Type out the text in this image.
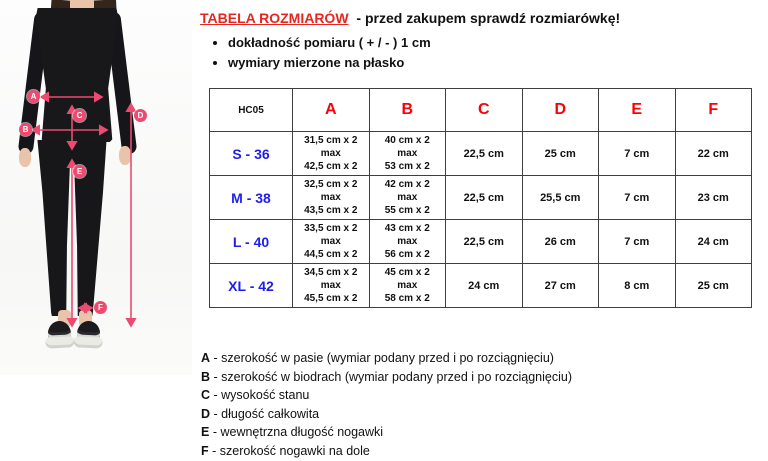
A
B
C	D
E
F
TABELA ROZMIARÓW - przed zakupem sprawdź rozmiarówkę!
• dokładność pomiaru ( + / - ) 1 cm
• wymiary mierzone na płasko
HC05	A	B	C	D	E	F
S - 36	31,5 cm x 2
max
42,5 cm x 2	40 cm x 2
max
53 cm x 2	22,5 cm	25 cm	7 cm	22 cm
M - 38	32,5 cm x 2
max
43,5 cm x 2	42 cm x 2
max
55 cm x 2	22,5 cm	25,5 cm	7 cm	23 cm
L - 40	33,5 cm x 2
max
44,5 cm x 2	43 cm x 2
max
56 cm x 2	22,5 cm	26 cm	7 cm	24 cm
XL - 42	34,5 cm x 2
max
45,5 cm x 2	45 cm x 2
max
58 cm x 2	24 cm	27 cm	8 cm	25 cm
A - szerokość w pasie (wymiar podany przed i po rozciągnięciu)
B - szerokość w biodrach (wymiar podany przed i po rozciągnięciu)
C - wysokość stanu
D - długość całkowita
E - wewnętrzna długość nogawki
F - szerokość nogawki na dole
